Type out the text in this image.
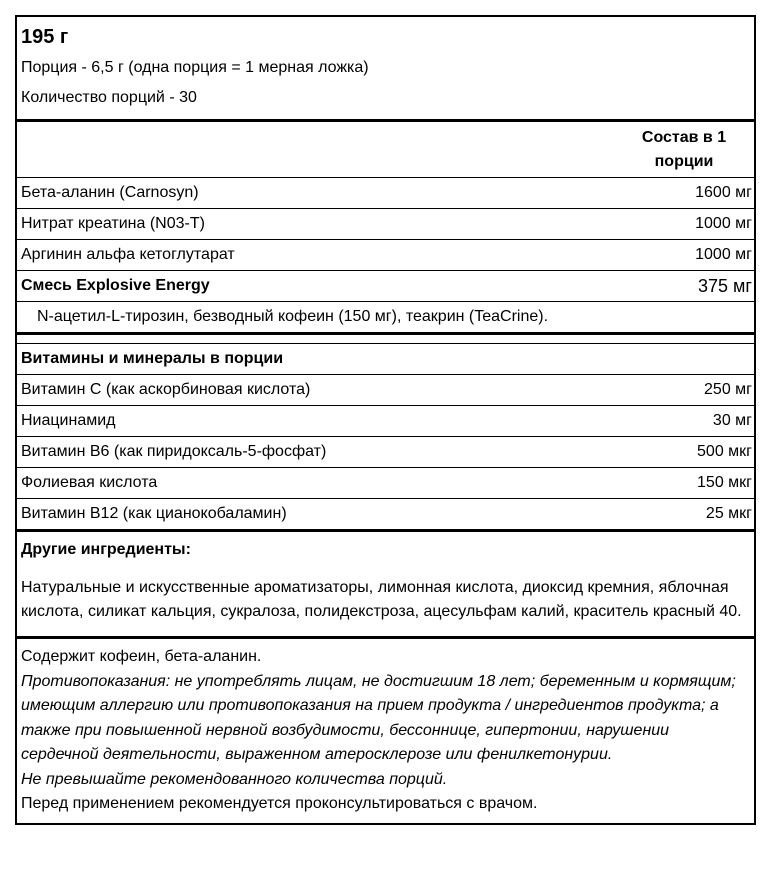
195 г
Порция - 6,5 г (одна порция = 1 мерная ложка)
Количество порций - 30
Состав в 1 порции
Бета-аланин (Carnosyn)	1600 мг
Нитрат креатина (N03-T)	1000 мг
Аргинин альфа кетоглутарат	1000 мг
Смесь Explosive Energy	375 мг
N-ацетил-L-тирозин, безводный кофеин (150 мг), теакрин (TeaCrine).
Витамины и минералы в порции
Витамин С (как аскорбиновая кислота)	250 мг
Ниацинамид	30 мг
Витамин В6 (как пиридоксаль-5-фосфат)	500 мкг
Фолиевая кислота	150 мкг
Витамин В12 (как цианокобаламин)	25 мкг
Другие ингредиенты:
Натуральные и искусственные ароматизаторы, лимонная кислота, диоксид кремния, яблочная кислота, силикат кальция, сукралоза, полидекстроза, ацесульфам калий, краситель красный 40.
Содержит кофеин, бета-аланин.
Противопоказания: не употреблять лицам, не достигшим 18 лет; беременным и кормящим; имеющим аллергию или противопоказания на прием продукта / ингредиентов продукта; а также при повышенной нервной возбудимости, бессоннице, гипертонии, нарушении сердечной деятельности, выраженном атеросклерозе или фенилкетонурии.
Не превышайте рекомендованного количества порций.
Перед применением рекомендуется проконсультироваться с врачом.
